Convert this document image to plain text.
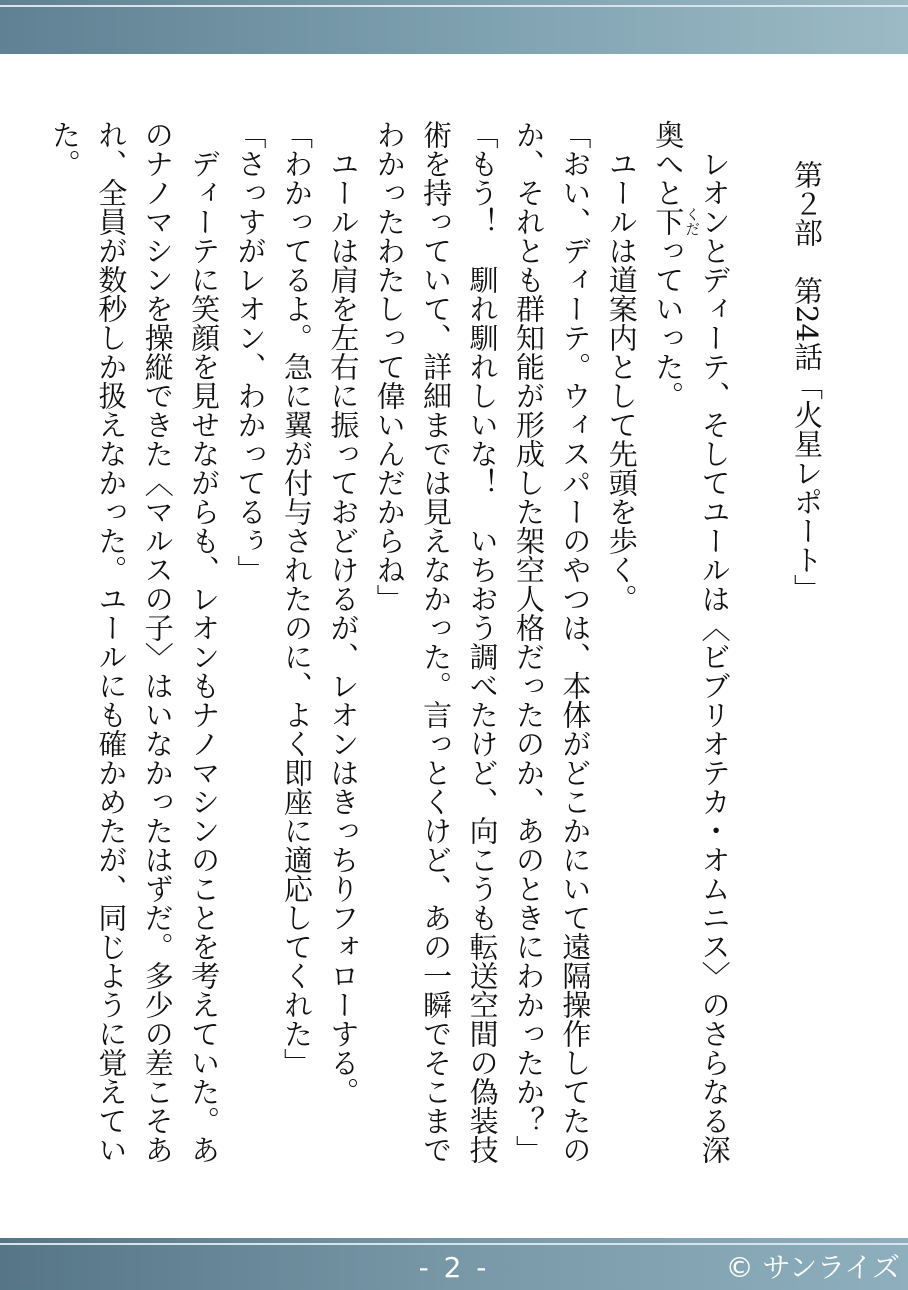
第２部　第24話「火星レポート」

レオンとディーテ、そしてユールは〈ビブリオテカ・オムニス〉のさらなる深奥へと下くだっていった。

ユールは道案内として先頭を歩く。

「おい、ディーテ。ウィスパーのやつは、本体がどこかにいて遠隔操作してたのか、それとも群知能が形成した架空人格だったのか、あのときにわかったか？」

「もう！　馴れ馴れしいな！　いちおう調べたけど、向こうも転送空間の偽装技術を持っていて、詳細までは見えなかった。言っとくけど、あの一瞬でそこまでわかったわたしって偉いんだからね」

ユールは肩を左右に振っておどけるが、レオンはきっちりフォローする。

「わかってるよ。急に翼が付与されたのに、よく即座に適応してくれた」

「さっすがレオン、わかってるぅ」

ディーテに笑顔を見せながらも、レオンもナノマシンのことを考えていた。あのナノマシンを操縦できた〈マルスの子〉はいなかったはずだ。多少の差こそあれ、全員が数秒しか扱えなかった。ユールにも確かめたが、同じように覚えていた。

- 2 -	© サンライズ
